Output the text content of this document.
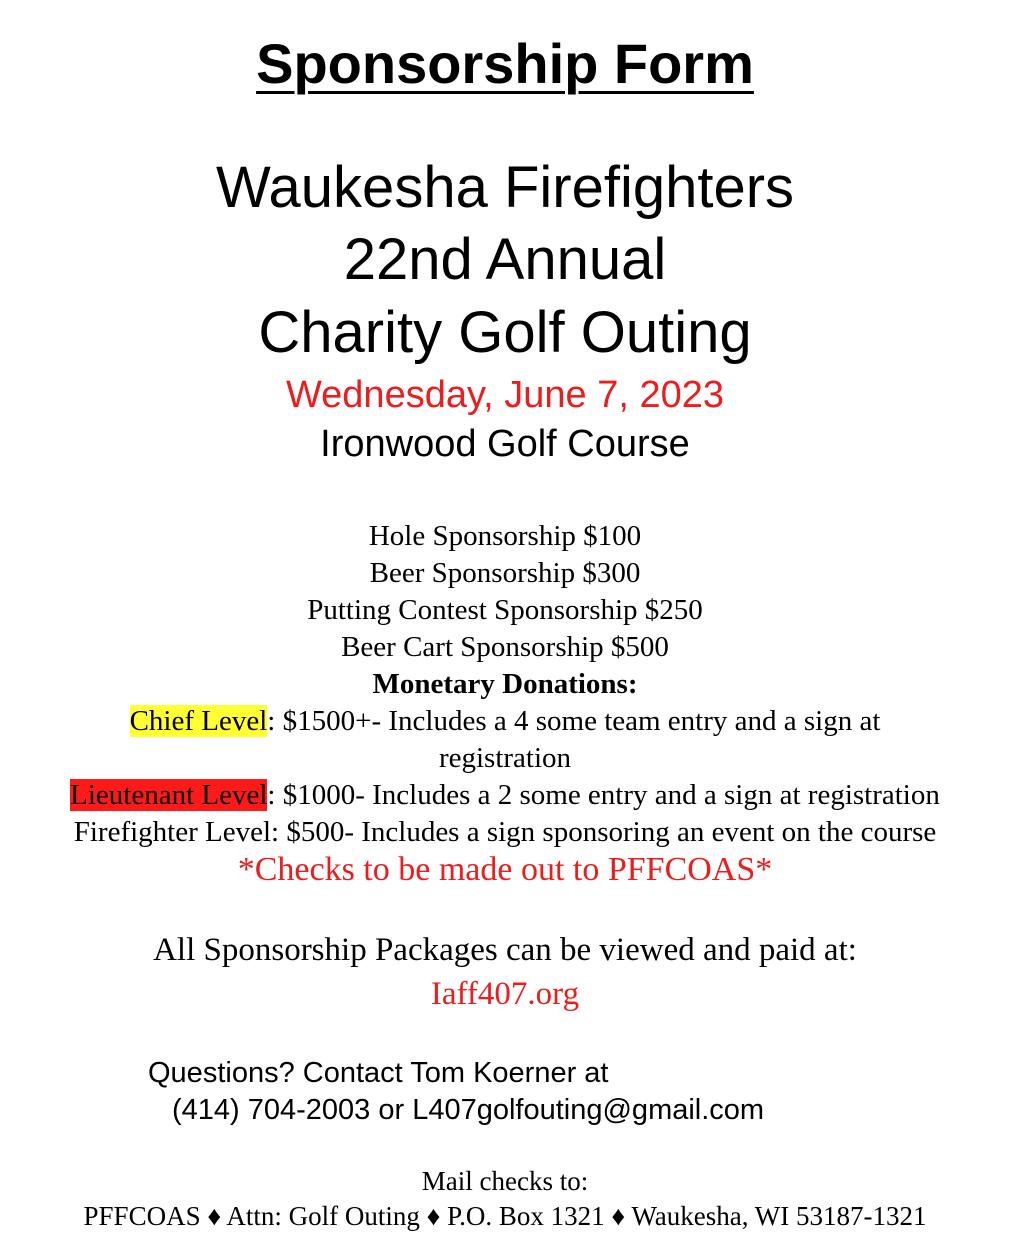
Sponsorship Form
Waukesha Firefighters
22nd Annual
Charity Golf Outing
Wednesday, June 7, 2023
Ironwood Golf Course
Hole Sponsorship $100
Beer Sponsorship $300
Putting Contest Sponsorship $250
Beer Cart Sponsorship $500
Monetary Donations:
Chief Level: $1500+- Includes a 4 some team entry and a sign at
registration
Lieutenant Level: $1000- Includes a 2 some entry and a sign at registration
Firefighter Level: $500- Includes a sign sponsoring an event on the course
*Checks to be made out to PFFCOAS*
All Sponsorship Packages can be viewed and paid at:
Iaff407.org
Questions? Contact Tom Koerner at
(414) 704-2003 or L407golfouting@gmail.com
Mail checks to:
PFFCOAS ♦ Attn: Golf Outing ♦ P.O. Box 1321 ♦ Waukesha, WI 53187-1321
